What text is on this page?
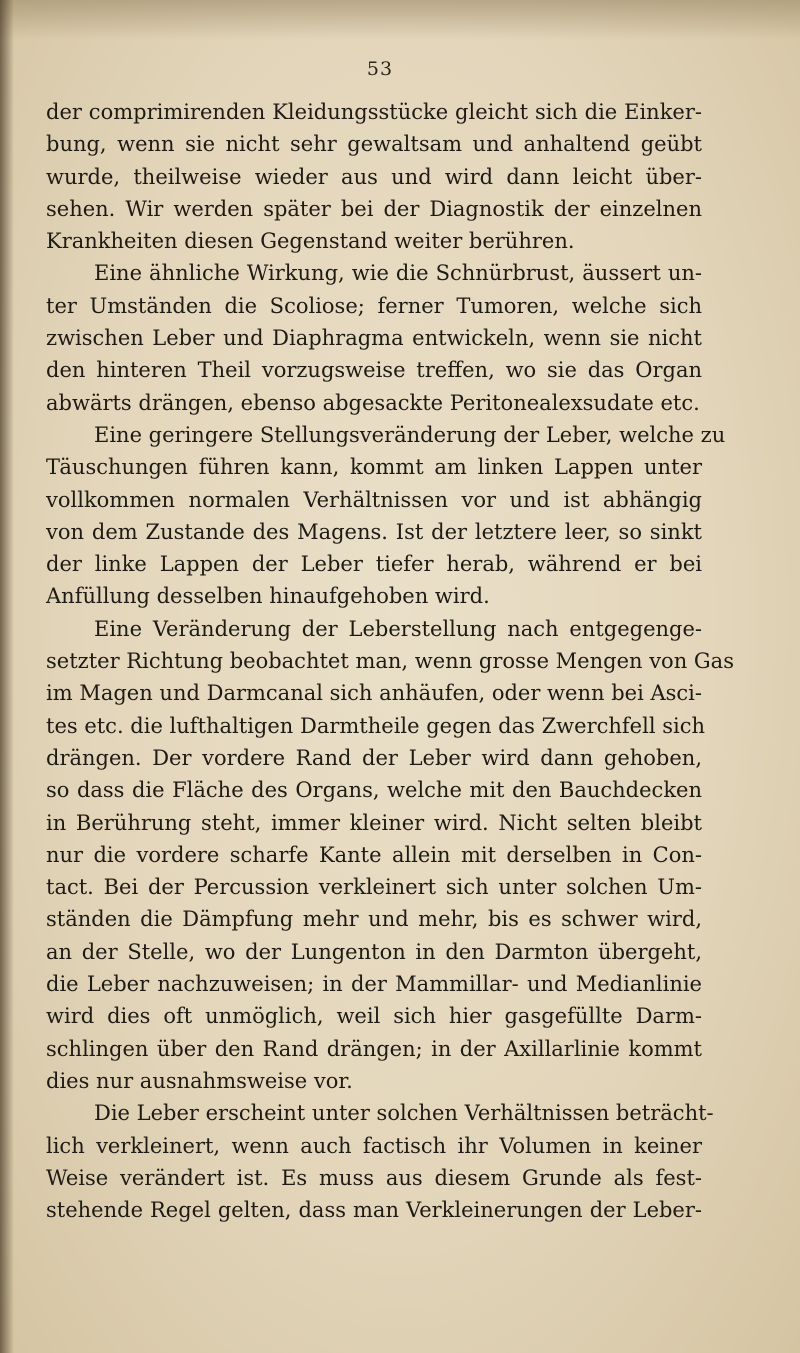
53
der comprimirenden Kleidungsstücke gleicht sich die Einker-
bung, wenn sie nicht sehr gewaltsam und anhaltend geübt
wurde, theilweise wieder aus und wird dann leicht über-
sehen. Wir werden später bei der Diagnostik der einzelnen
Krankheiten diesen Gegenstand weiter berühren.
Eine ähnliche Wirkung, wie die Schnürbrust, äussert un-
ter Umständen die Scoliose; ferner Tumoren, welche sich
zwischen Leber und Diaphragma entwickeln, wenn sie nicht
den hinteren Theil vorzugsweise treffen, wo sie das Organ
abwärts drängen, ebenso abgesackte Peritonealexsudate etc.
Eine geringere Stellungsveränderung der Leber, welche zu
Täuschungen führen kann, kommt am linken Lappen unter
vollkommen normalen Verhältnissen vor und ist abhängig
von dem Zustande des Magens. Ist der letztere leer, so sinkt
der linke Lappen der Leber tiefer herab, während er bei
Anfüllung desselben hinaufgehoben wird.
Eine Veränderung der Leberstellung nach entgegenge-
setzter Richtung beobachtet man, wenn grosse Mengen von Gas
im Magen und Darmcanal sich anhäufen, oder wenn bei Asci-
tes etc. die lufthaltigen Darmtheile gegen das Zwerchfell sich
drängen. Der vordere Rand der Leber wird dann gehoben,
so dass die Fläche des Organs, welche mit den Bauchdecken
in Berührung steht, immer kleiner wird. Nicht selten bleibt
nur die vordere scharfe Kante allein mit derselben in Con-
tact. Bei der Percussion verkleinert sich unter solchen Um-
ständen die Dämpfung mehr und mehr, bis es schwer wird,
an der Stelle, wo der Lungenton in den Darmton übergeht,
die Leber nachzuweisen; in der Mammillar- und Medianlinie
wird dies oft unmöglich, weil sich hier gasgefüllte Darm-
schlingen über den Rand drängen; in der Axillarlinie kommt
dies nur ausnahmsweise vor.
Die Leber erscheint unter solchen Verhältnissen beträcht-
lich verkleinert, wenn auch factisch ihr Volumen in keiner
Weise verändert ist. Es muss aus diesem Grunde als fest-
stehende Regel gelten, dass man Verkleinerungen der Leber-
